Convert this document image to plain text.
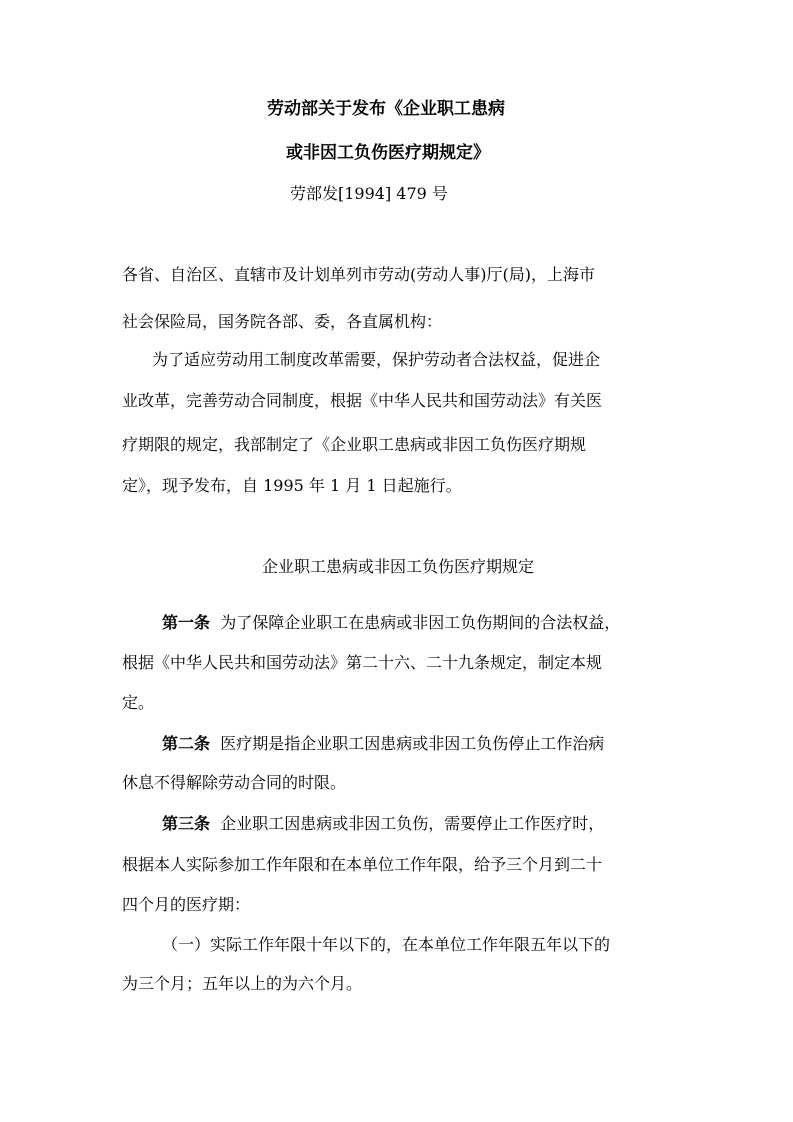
劳动部关于发布《企业职工患病
或非因工负伤医疗期规定》
劳部发[1994] 479 号
各省、自治区、直辖市及计划单列市劳动(劳动人事)厅(局)，上海市
社会保险局，国务院各部、委，各直属机构：
为了适应劳动用工制度改革需要，保护劳动者合法权益，促进企
业改革，完善劳动合同制度，根据《中华人民共和国劳动法》有关医
疗期限的规定，我部制定了《企业职工患病或非因工负伤医疗期规
定》，现予发布，自 1995 年 1 月 1 日起施行。
企业职工患病或非因工负伤医疗期规定
第一条 为了保障企业职工在患病或非因工负伤期间的合法权益，
根据《中华人民共和国劳动法》第二十六、二十九条规定，制定本规
定。
第二条 医疗期是指企业职工因患病或非因工负伤停止工作治病
休息不得解除劳动合同的时限。
第三条 企业职工因患病或非因工负伤，需要停止工作医疗时，
根据本人实际参加工作年限和在本单位工作年限，给予三个月到二十
四个月的医疗期：
（一）实际工作年限十年以下的，在本单位工作年限五年以下的
为三个月；五年以上的为六个月。
